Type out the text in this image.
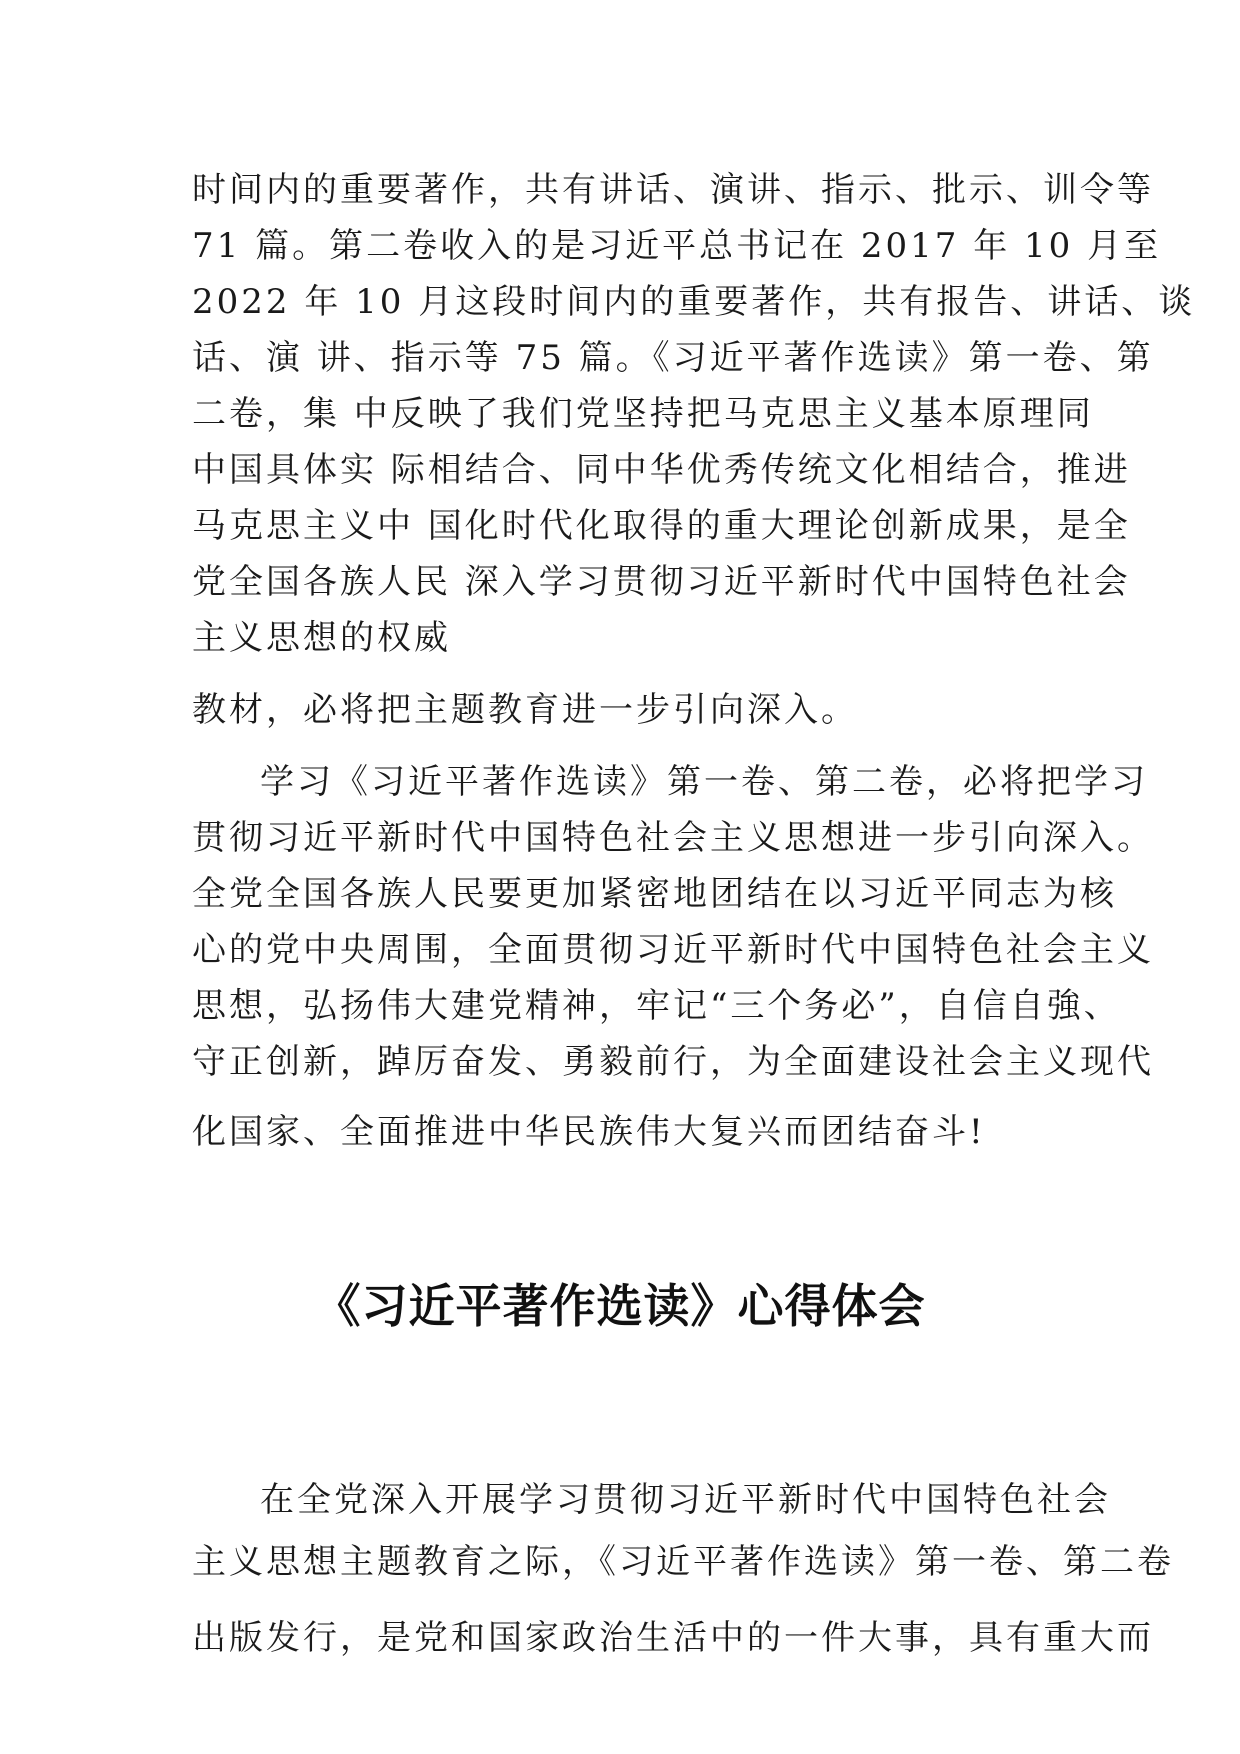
时间内的重要著作，共有讲话、演讲、指示、批示、训令等
71 篇。第二卷收入的是习近平总书记在 2017 年 10 月至
2022 年 10 月这段时间内的重要著作，共有报告、讲话、谈
话、演 讲、指示等 75 篇。《习近平著作选读》第一卷、第
二卷，集 中反映了我们党坚持把马克思主义基本原理同
中国具体实 际相结合、同中华优秀传统文化相结合，推进
马克思主义中 国化时代化取得的重大理论创新成果，是全
党全国各族人民 深入学习贯彻习近平新时代中国特色社会
主义思想的权威
教材，必将把主题教育进一步引向深入。
学习《习近平著作选读》第一卷、第二卷，必将把学习
贯彻习近平新时代中国特色社会主义思想进一步引向深入。
全党全国各族人民要更加紧密地团结在以习近平同志为核
心的党中央周围，全面贯彻习近平新时代中国特色社会主义
思想，弘扬伟大建党精神，牢记“三个务必”，自信自強、
守正创新，踔厉奋发、勇毅前行，为全面建设社会主义现代
化国家、全面推进中华民族伟大复兴而团结奋斗!
《习近平著作选读》心得体会
在全党深入开展学习贯彻习近平新时代中国特色社会
主义思想主题教育之际，《习近平著作选读》第一卷、第二卷
出版发行，是党和国家政治生活中的一件大事，具有重大而
